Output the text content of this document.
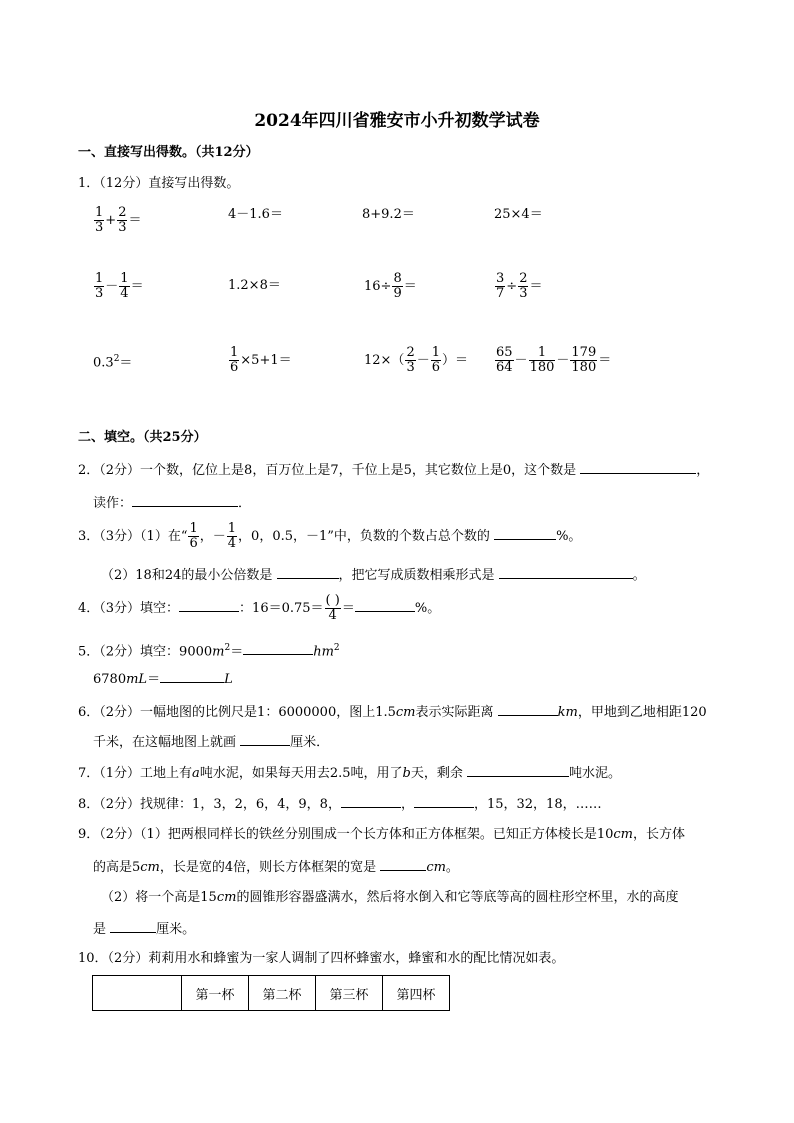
2024年四川省雅安市小升初数学试卷
一、直接写出得数。（共12分）
1．（12分）直接写出得数。
$\frac{1}{3} + \frac{2}{3}$ ＝	4－1.6＝	8+9.2＝	25×4＝
$\frac{1}{3} - \frac{1}{4}$ ＝	1.2×8＝	$16\div \frac{8}{9}$ ＝	$\frac{3}{7} \div \frac{2}{3}$ ＝
$0.3^2=$	$\frac{1}{6} \times 5+1=$	$12\times( \frac{2}{3} - \frac{1}{6}$ ）＝ $\frac{65}{64} - \frac{1}{180} - \frac{179}{180}$ ＝
二、填空。（共25分）
2．（2分）一个数，亿位上是8，百万位上是7，千位上是5，其它数位上是0，这个数是	，
读作：	．
3．（3分）（1）在“ $\frac{1}{6}$ ，－ $\frac{1}{4}$ ，0，0.5，－1”中，负数的个数占总个数的	%。
（2）18和24的最小公倍数是	，把它写成质数相乘形式是	。
4．（3分）填空：	：$16=0.75= \frac{( )}{4}$ ＝	%。
5．（2分）填空：$9000m^2=$	$hm^2$
6780mL＝	L
6．（2分）一幅地图的比例尺是1：6000000，图上1.5cm表示实际距离	km，甲地到乙地相距120
千米，在这幅地图上就画	厘米．
7．（1分）工地上有a吨水泥，如果每天用去2.5吨，用了b天，剩余	吨水泥。
8．（2分）找规律：1，3，2，6，4，9，8，	，	，15，32，18，……
9．（2分）（1）把两根同样长的铁丝分别围成一个长方体和正方体框架。已知正方体棱长是10cm，长方体
的高是5cm，长是宽的4倍，则长方体框架的宽是	cm。
（2）将一个高是15cm的圆锥形容器盛满水，然后将水倒入和它等底等高的圆柱形空杯里，水的高度
是	厘米。
10．（2分）莉莉用水和蜂蜜为一家人调制了四杯蜂蜜水，蜂蜜和水的配比情况如表。
	第一杯	第二杯	第三杯	第四杯
